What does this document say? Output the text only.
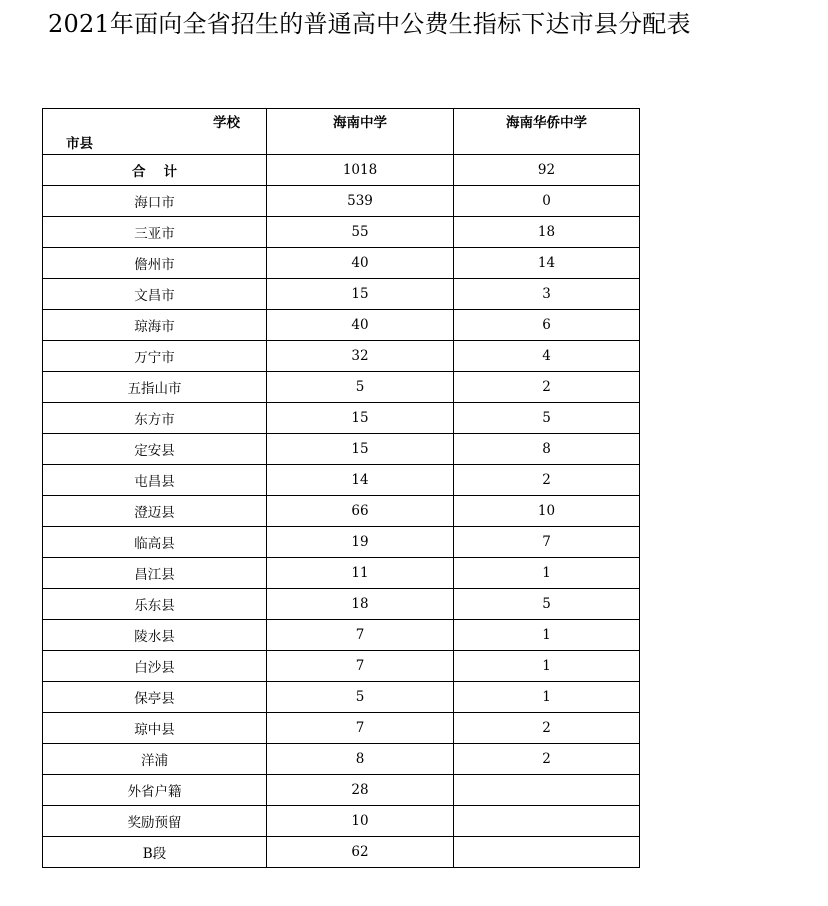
2021年面向全省招生的普通高中公费生指标下达市县分配表
学校
市县	海南中学	海南华侨中学
合计	1018	92
海口市	539	0
三亚市	55	18
儋州市	40	14
文昌市	15	3
琼海市	40	6
万宁市	32	4
五指山市	5	2
东方市	15	5
定安县	15	8
屯昌县	14	2
澄迈县	66	10
临高县	19	7
昌江县	11	1
乐东县	18	5
陵水县	7	1
白沙县	7	1
保亭县	5	1
琼中县	7	2
洋浦	8	2
外省户籍	28	
奖励预留	10	
B段	62	
